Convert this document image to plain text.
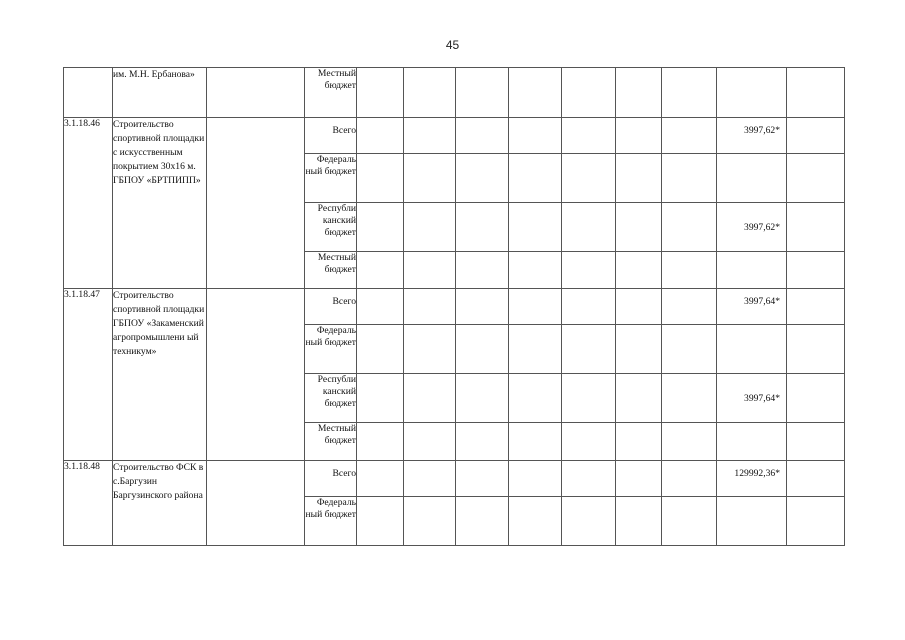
45
	им. М.Н. Ербанова»		Местный бюджет									
3.1.18.46	Строительство спортивной площадки с искусственным покрытием 30x16 м. ГБПОУ «БРТПИПП»		Всего								3997,62*	
			Федераль ный бюджет									
			Республи канский бюджет								3997,62*	
			Местный бюджет									
3.1.18.47	Строительство спортивной площадки ГБПОУ «Закаменский агропромышлени ый техникум»		Всего								3997,64*	
			Федераль ный бюджет									
			Республи канский бюджет								3997,64*	
			Местный бюджет									
3.1.18.48	Строительство ФСК в с.Баргузин Баргузинского района		Всего								129992,36*	
			Федераль ный бюджет									
